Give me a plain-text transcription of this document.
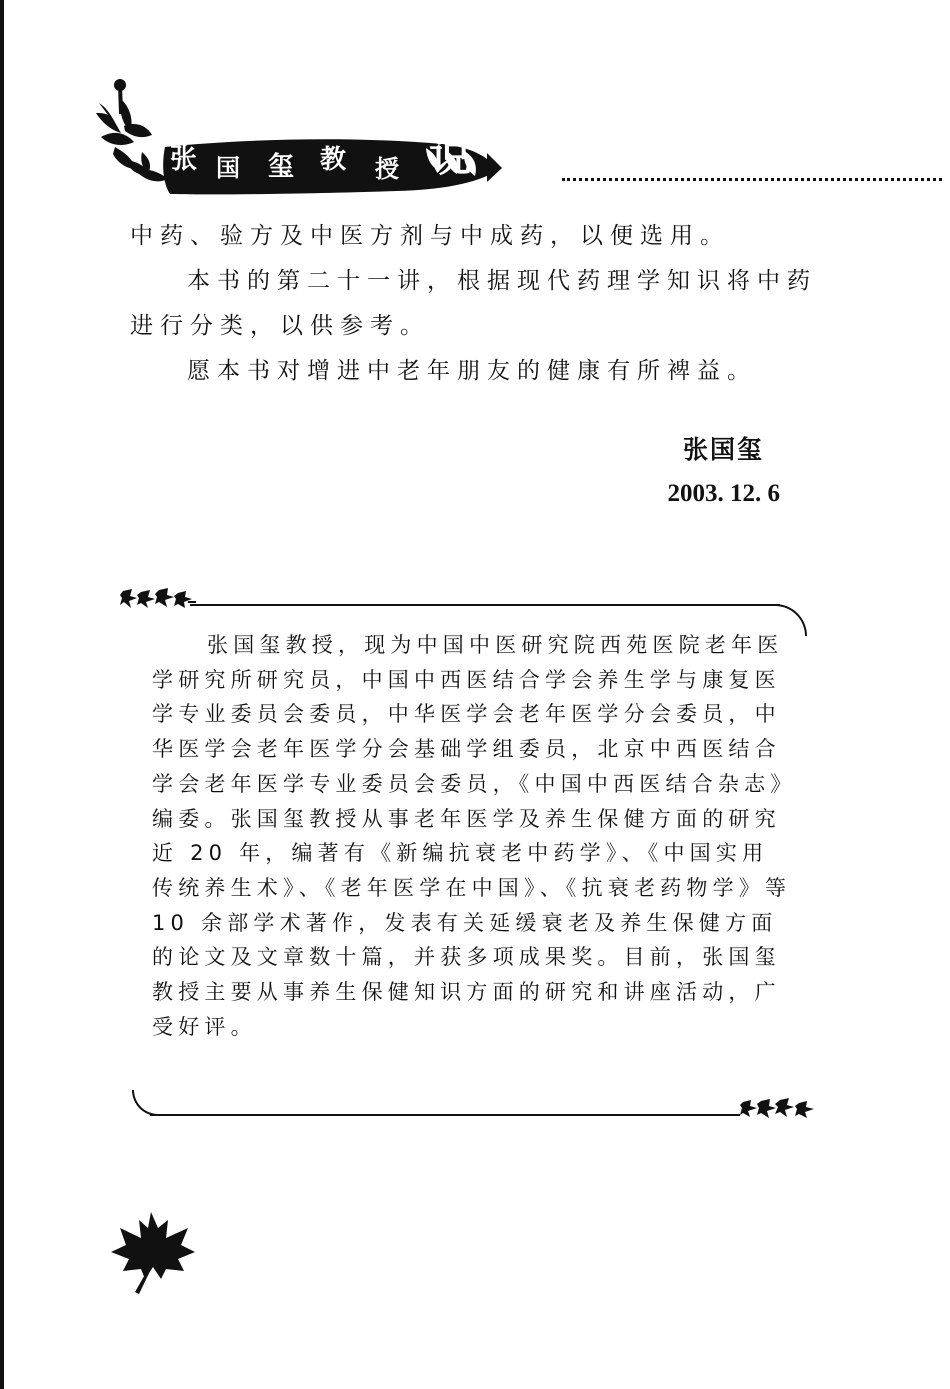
张 国 玺 教 授 说

中药、验方及中医方剂与中成药，以便选用。

本书的第二十一讲，根据现代药理学知识将中药进行分类，以供参考。

愿本书对增进中老年朋友的健康有所裨益。

张国玺
2003. 12. 6

张国玺教授，现为中国中医研究院西苑医院老年医学研究所研究员，中国中西医结合学会养生学与康复医学专业委员会委员，中华医学会老年医学分会委员，中华医学会老年医学分会基础学组委员，北京中西医结合学会老年医学专业委员会委员，《中国中西医结合杂志》编委。张国玺教授从事老年医学及养生保健方面的研究近 20 年，编著有《新编抗衰老中药学》、《中国实用传统养生术》、《老年医学在中国》、《抗衰老药物学》等 10 余部学术著作，发表有关延缓衰老及养生保健方面的论文及文章数十篇，并获多项成果奖。目前，张国玺教授主要从事养生保健知识方面的研究和讲座活动，广受好评。
